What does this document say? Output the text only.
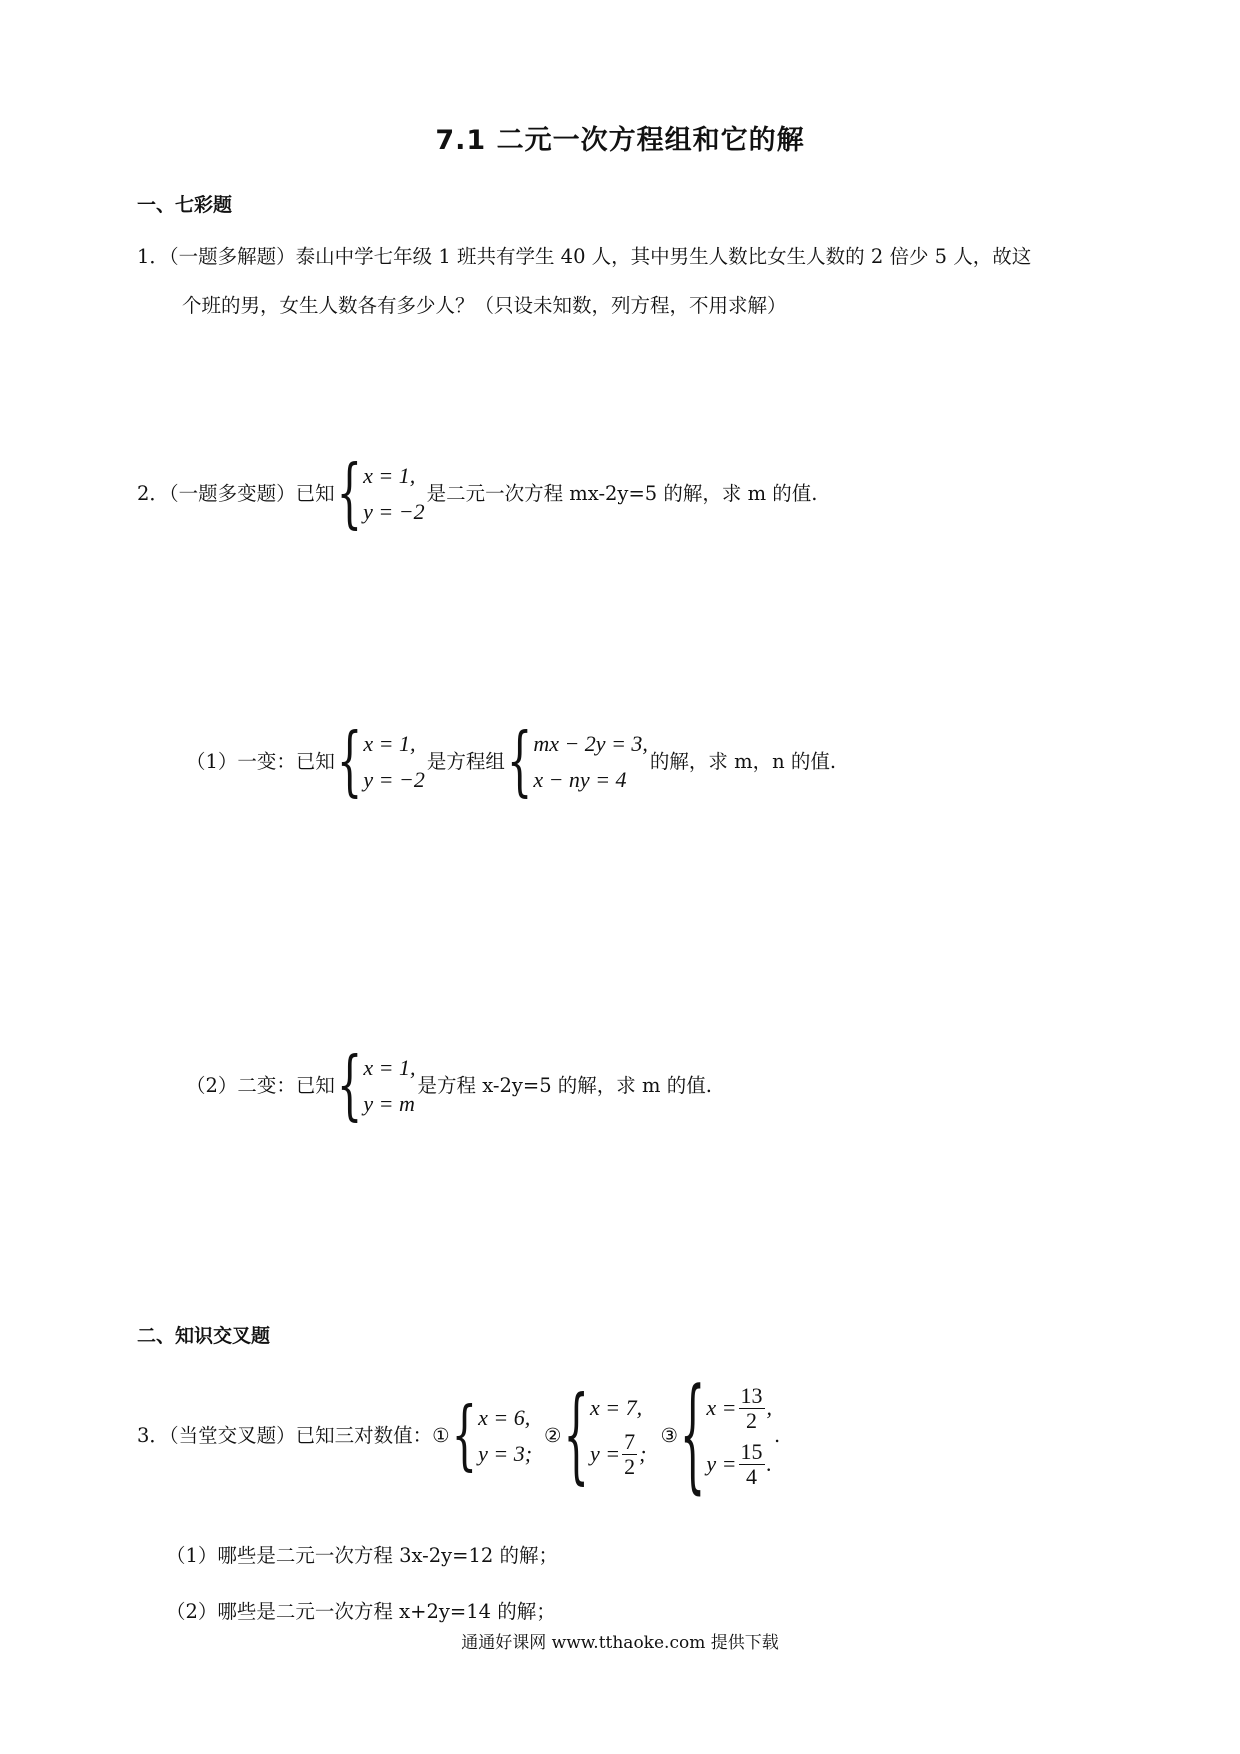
7.1 二元一次方程组和它的解
一、七彩题
1．（一题多解题）泰山中学七年级 1 班共有学生 40 人，其中男生人数比女生人数的 2 倍少 5 人，故这
个班的男，女生人数各有多少人？（只设未知数，列方程，不用求解）
2．（一题多变题）已知 { x = 1,
y = −2
是二元一次方程 mx-2y=5 的解，求 m 的值.
（1）一变：已知 { x = 1,
y = −2
是方程组 { mx − 2y = 3,
x − ny = 4
的解，求 m，n 的值.
（2）二变：已知 { x = 1,
y = m
是方程 x-2y=5 的解，求 m 的值.
二、知识交叉题
3．（当堂交叉题）已知三对数值： ① { x = 6,
y = 3;
② { x = 7,
$y = \frac{7}{2}$ ;
③ { $x = \frac{13}{2}$ ,
$y = \frac{15}{4}$ .
.
（1）哪些是二元一次方程 3x-2y=12 的解；
（2）哪些是二元一次方程 x+2y=14 的解；
通通好课网 www.tthaoke.com 提供下载
